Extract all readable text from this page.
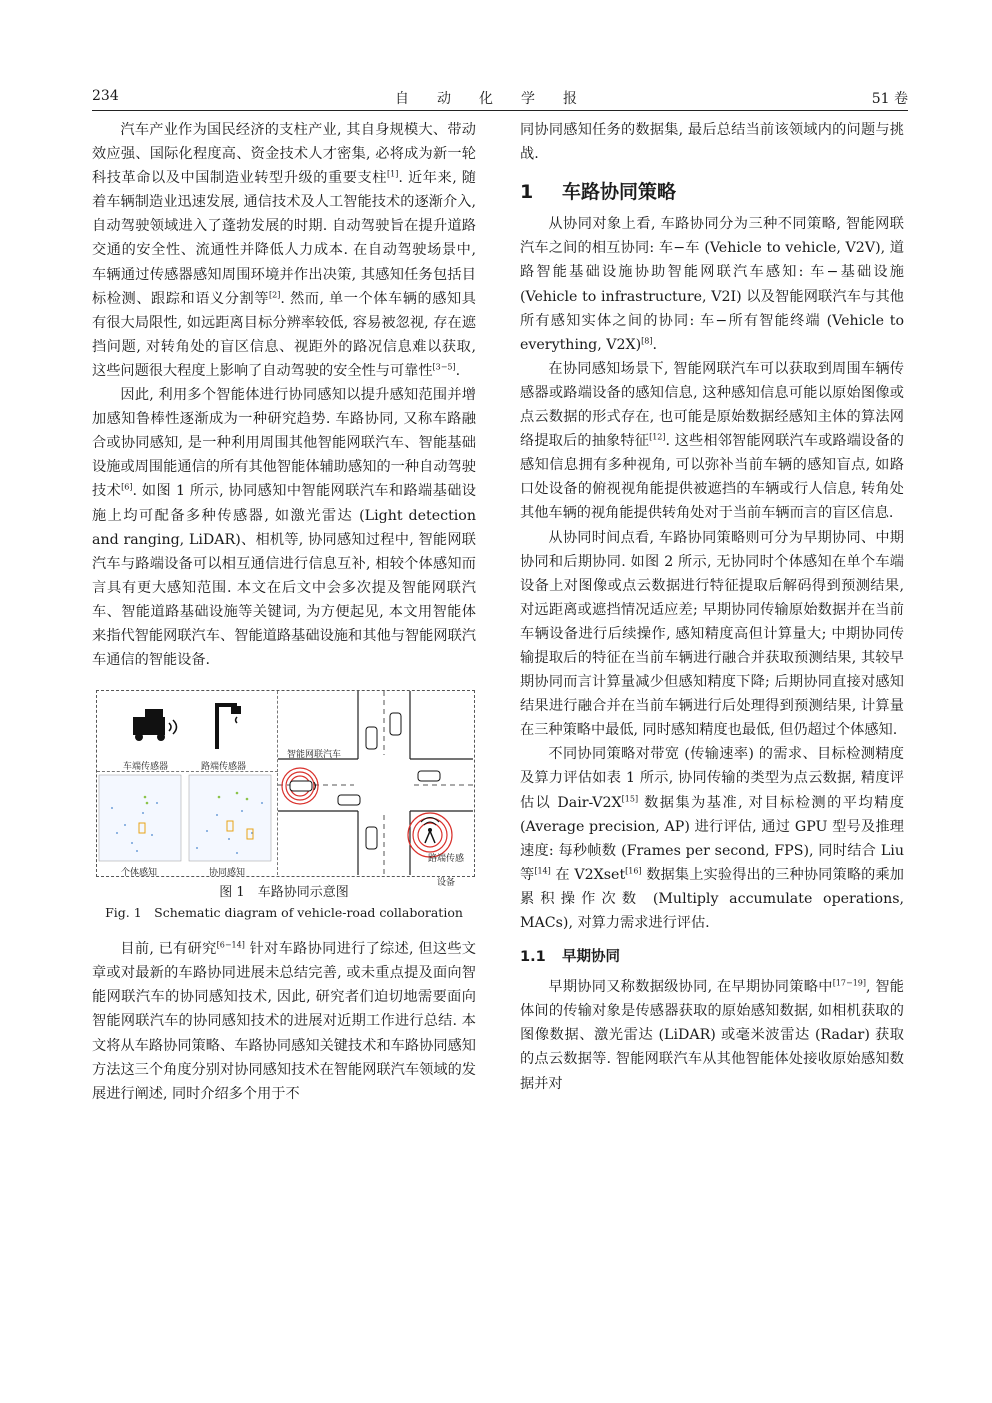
234	自动化学报	51 卷

汽车产业作为国民经济的支柱产业, 其自身规模大、带动效应强、国际化程度高、资金技术人才密集, 必将成为新一轮科技革命以及中国制造业转型升级的重要支柱[1]. 近年来, 随着车辆制造业迅速发展, 通信技术及人工智能技术的逐渐介入, 自动驾驶领域进入了蓬勃发展的时期. 自动驾驶旨在提升道路交通的安全性、流通性并降低人力成本. 在自动驾驶场景中, 车辆通过传感器感知周围环境并作出决策, 其感知任务包括目标检测、跟踪和语义分割等[2]. 然而, 单一个体车辆的感知具有很大局限性, 如远距离目标分辨率较低, 容易被忽视, 存在遮挡问题, 对转角处的盲区信息、视距外的路况信息难以获取, 这些问题很大程度上影响了自动驾驶的安全性与可靠性[3−5].

因此, 利用多个智能体进行协同感知以提升感知范围并增加感知鲁棒性逐渐成为一种研究趋势. 车路协同, 又称车路融合或协同感知, 是一种利用周围其他智能网联汽车、智能基础设施或周围能通信的所有其他智能体辅助感知的一种自动驾驶技术[6]. 如图 1 所示, 协同感知中智能网联汽车和路端基础设施上均可配备多种传感器, 如激光雷达 (Light detection and ranging, LiDAR)、相机等, 协同感知过程中, 智能网联汽车与路端设备可以相互通信进行信息互补, 相较个体感知而言具有更大感知范围. 本文在后文中会多次提及智能网联汽车、智能道路基础设施等关键词, 为方便起见, 本文用智能体来指代智能网联汽车、智能道路基础设施和其他与智能网联汽车通信的智能设备.

车端传感器	路端传感器
个体感知	协同感知
智能网联汽车
路端传感设备
图 1　车路协同示意图
Fig. 1　Schematic diagram of vehicle-road collaboration

目前, 已有研究[6−14] 针对车路协同进行了综述, 但这些文章或对最新的车路协同进展未总结完善, 或未重点提及面向智能网联汽车的协同感知技术, 因此, 研究者们迫切地需要面向智能网联汽车的协同感知技术的进展对近期工作进行总结. 本文将从车路协同策略、车路协同感知关键技术和车路协同感知方法这三个角度分别对协同感知技术在智能网联汽车领域的发展进行阐述, 同时介绍多个用于不

同协同感知任务的数据集, 最后总结当前该领域内的问题与挑战.

1 车路协同策略

从协同对象上看, 车路协同分为三种不同策略, 智能网联汽车之间的相互协同: 车−车 (Vehicle to vehicle, V2V), 道路智能基础设施协助智能网联汽车感知: 车−基础设施 (Vehicle to infrastructure, V2I) 以及智能网联汽车与其他所有感知实体之间的协同: 车−所有智能终端 (Vehicle to everything, V2X)[8].

在协同感知场景下, 智能网联汽车可以获取到周围车辆传感器或路端设备的感知信息, 这种感知信息可能以原始图像或点云数据的形式存在, 也可能是原始数据经感知主体的算法网络提取后的抽象特征[12]. 这些相邻智能网联汽车或路端设备的感知信息拥有多种视角, 可以弥补当前车辆的感知盲点, 如路口处设备的俯视视角能提供被遮挡的车辆或行人信息, 转角处其他车辆的视角能提供转角处对于当前车辆而言的盲区信息.

从协同时间点看, 车路协同策略则可分为早期协同、中期协同和后期协同. 如图 2 所示, 无协同时个体感知在单个车端设备上对图像或点云数据进行特征提取后解码得到预测结果, 对远距离或遮挡情况适应差; 早期协同传输原始数据并在当前车辆设备进行后续操作, 感知精度高但计算量大; 中期协同传输提取后的特征在当前车辆进行融合并获取预测结果, 其较早期协同而言计算量减少但感知精度下降; 后期协同直接对感知结果进行融合并在当前车辆进行后处理得到预测结果, 计算量在三种策略中最低, 同时感知精度也最低, 但仍超过个体感知.

不同协同策略对带宽 (传输速率) 的需求、目标检测精度及算力评估如表 1 所示, 协同传输的类型为点云数据, 精度评估以 Dair-V2X[15] 数据集为基准, 对目标检测的平均精度 (Average precision, AP) 进行评估, 通过 GPU 型号及推理速度: 每秒帧数 (Frames per second, FPS), 同时结合 Liu 等[14] 在 V2Xset[16] 数据集上实验得出的三种协同策略的乘加累积操作次数 (Multiply accumulate operations, MACs), 对算力需求进行评估.

1.1 早期协同

早期协同又称数据级协同, 在早期协同策略中[17−19], 智能体间的传输对象是传感器获取的原始感知数据, 如相机获取的图像数据、激光雷达 (LiDAR) 或毫米波雷达 (Radar) 获取的点云数据等. 智能网联汽车从其他智能体处接收原始感知数据并对
